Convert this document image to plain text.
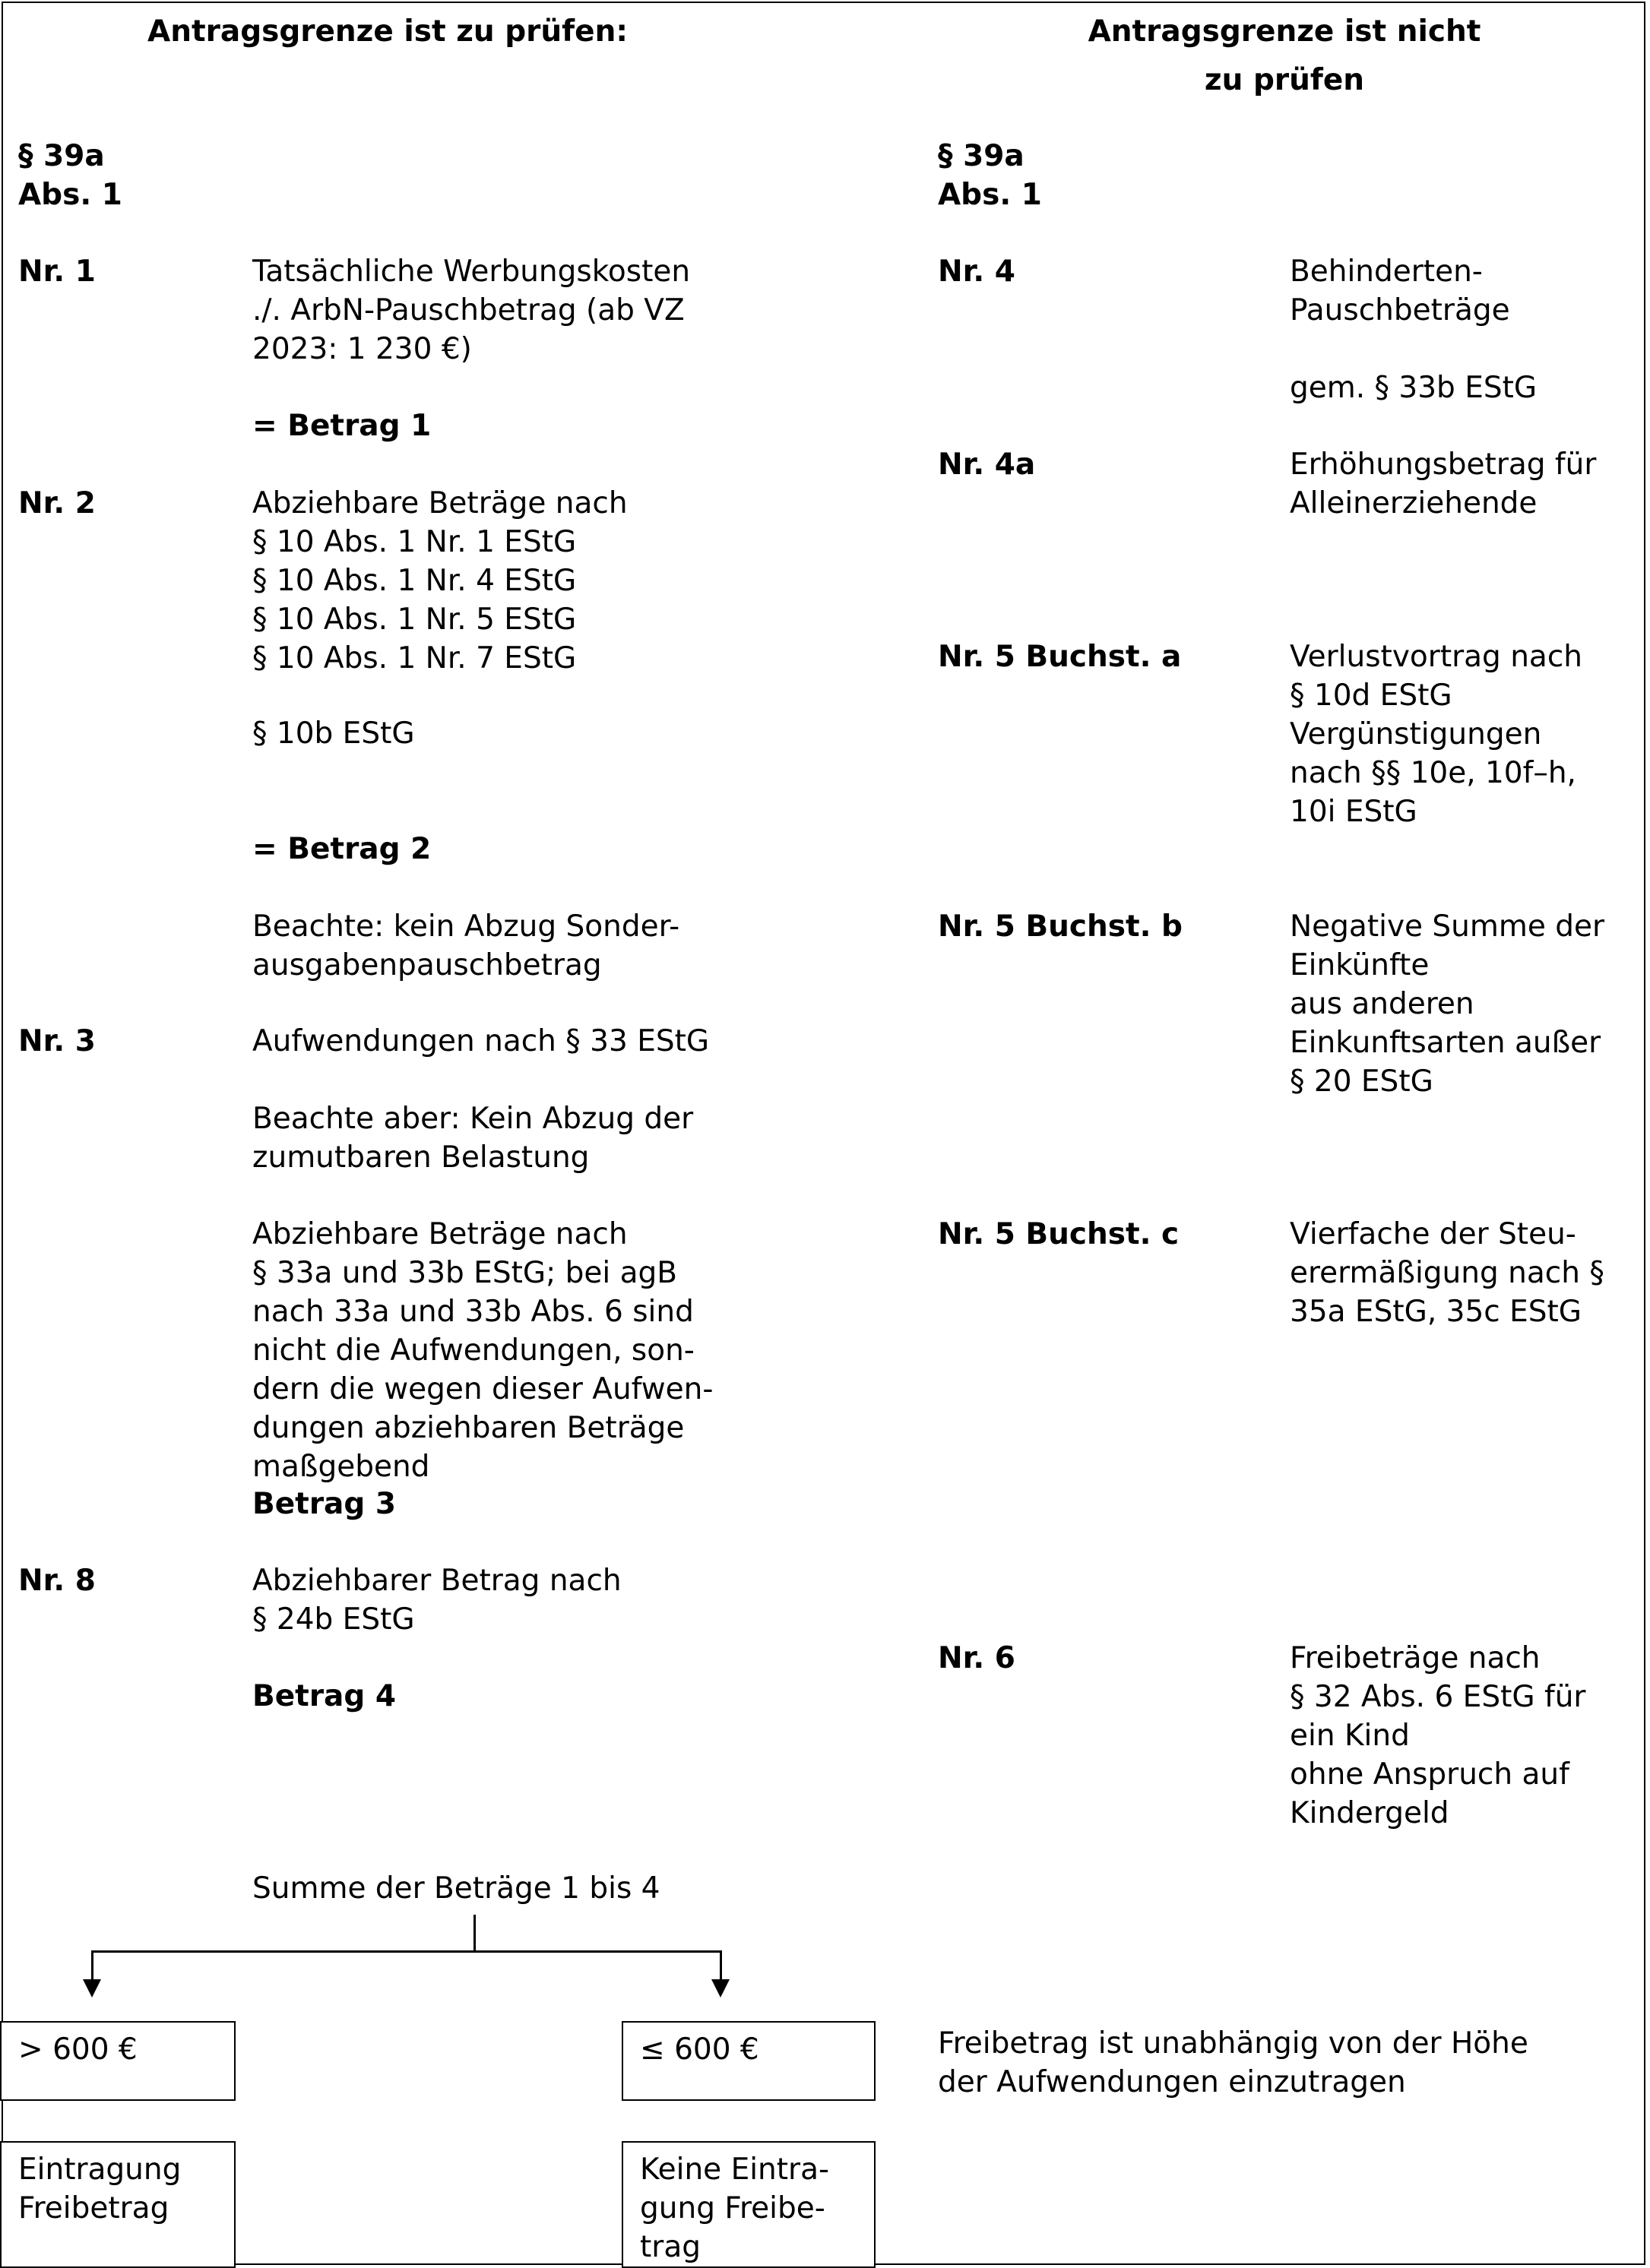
Antragsgrenze ist zu prüfen:	Antragsgrenze ist nicht
zu prüfen
§ 39a
Abs. 1
§ 39a
Abs. 1
Nr. 1	Tatsächliche Werbungskosten
./. ArbN-Pauschbetrag (ab VZ
2023: 1 230 €)
= Betrag 1
Nr. 2	Abziehbare Beträge nach
§ 10 Abs. 1 Nr. 1 EStG
§ 10 Abs. 1 Nr. 4 EStG
§ 10 Abs. 1 Nr. 5 EStG
§ 10 Abs. 1 Nr. 7 EStG
§ 10b EStG
= Betrag 2
Beachte: kein Abzug Sonder-
ausgabenpauschbetrag
Nr. 3	Aufwendungen nach § 33 EStG
Beachte aber: Kein Abzug der
zumutbaren Belastung
Abziehbare Beträge nach
§ 33a und 33b EStG; bei agB
nach 33a und 33b Abs. 6 sind
nicht die Aufwendungen, son-
dern die wegen dieser Aufwen-
dungen abziehbaren Beträge
maßgebend
Betrag 3
Nr. 8	Abziehbarer Betrag nach
§ 24b EStG
Betrag 4
Nr. 4	Behinderten-
Pauschbeträge
gem. § 33b EStG
Nr. 4a	Erhöhungsbetrag für
Alleinerziehende
Nr. 5 Buchst. a	Verlustvortrag nach
§ 10d EStG
Vergünstigungen
nach §§ 10e, 10f–h,
10i EStG
Nr. 5 Buchst. b	Negative Summe der
Einkünfte
aus anderen
Einkunftsarten außer
§ 20 EStG
Nr. 5 Buchst. c	Vierfache der Steu-
erermäßigung nach §
35a EStG, 35c EStG
Nr. 6	Freibeträge nach
§ 32 Abs. 6 EStG für
ein Kind
ohne Anspruch auf
Kindergeld
Summe der Beträge 1 bis 4
> 600 €	≤ 600 €
Eintragung
Freibetrag
Keine Eintra-
gung Freibe-
trag
Freibetrag ist unabhängig von der Höhe
der Aufwendungen einzutragen
